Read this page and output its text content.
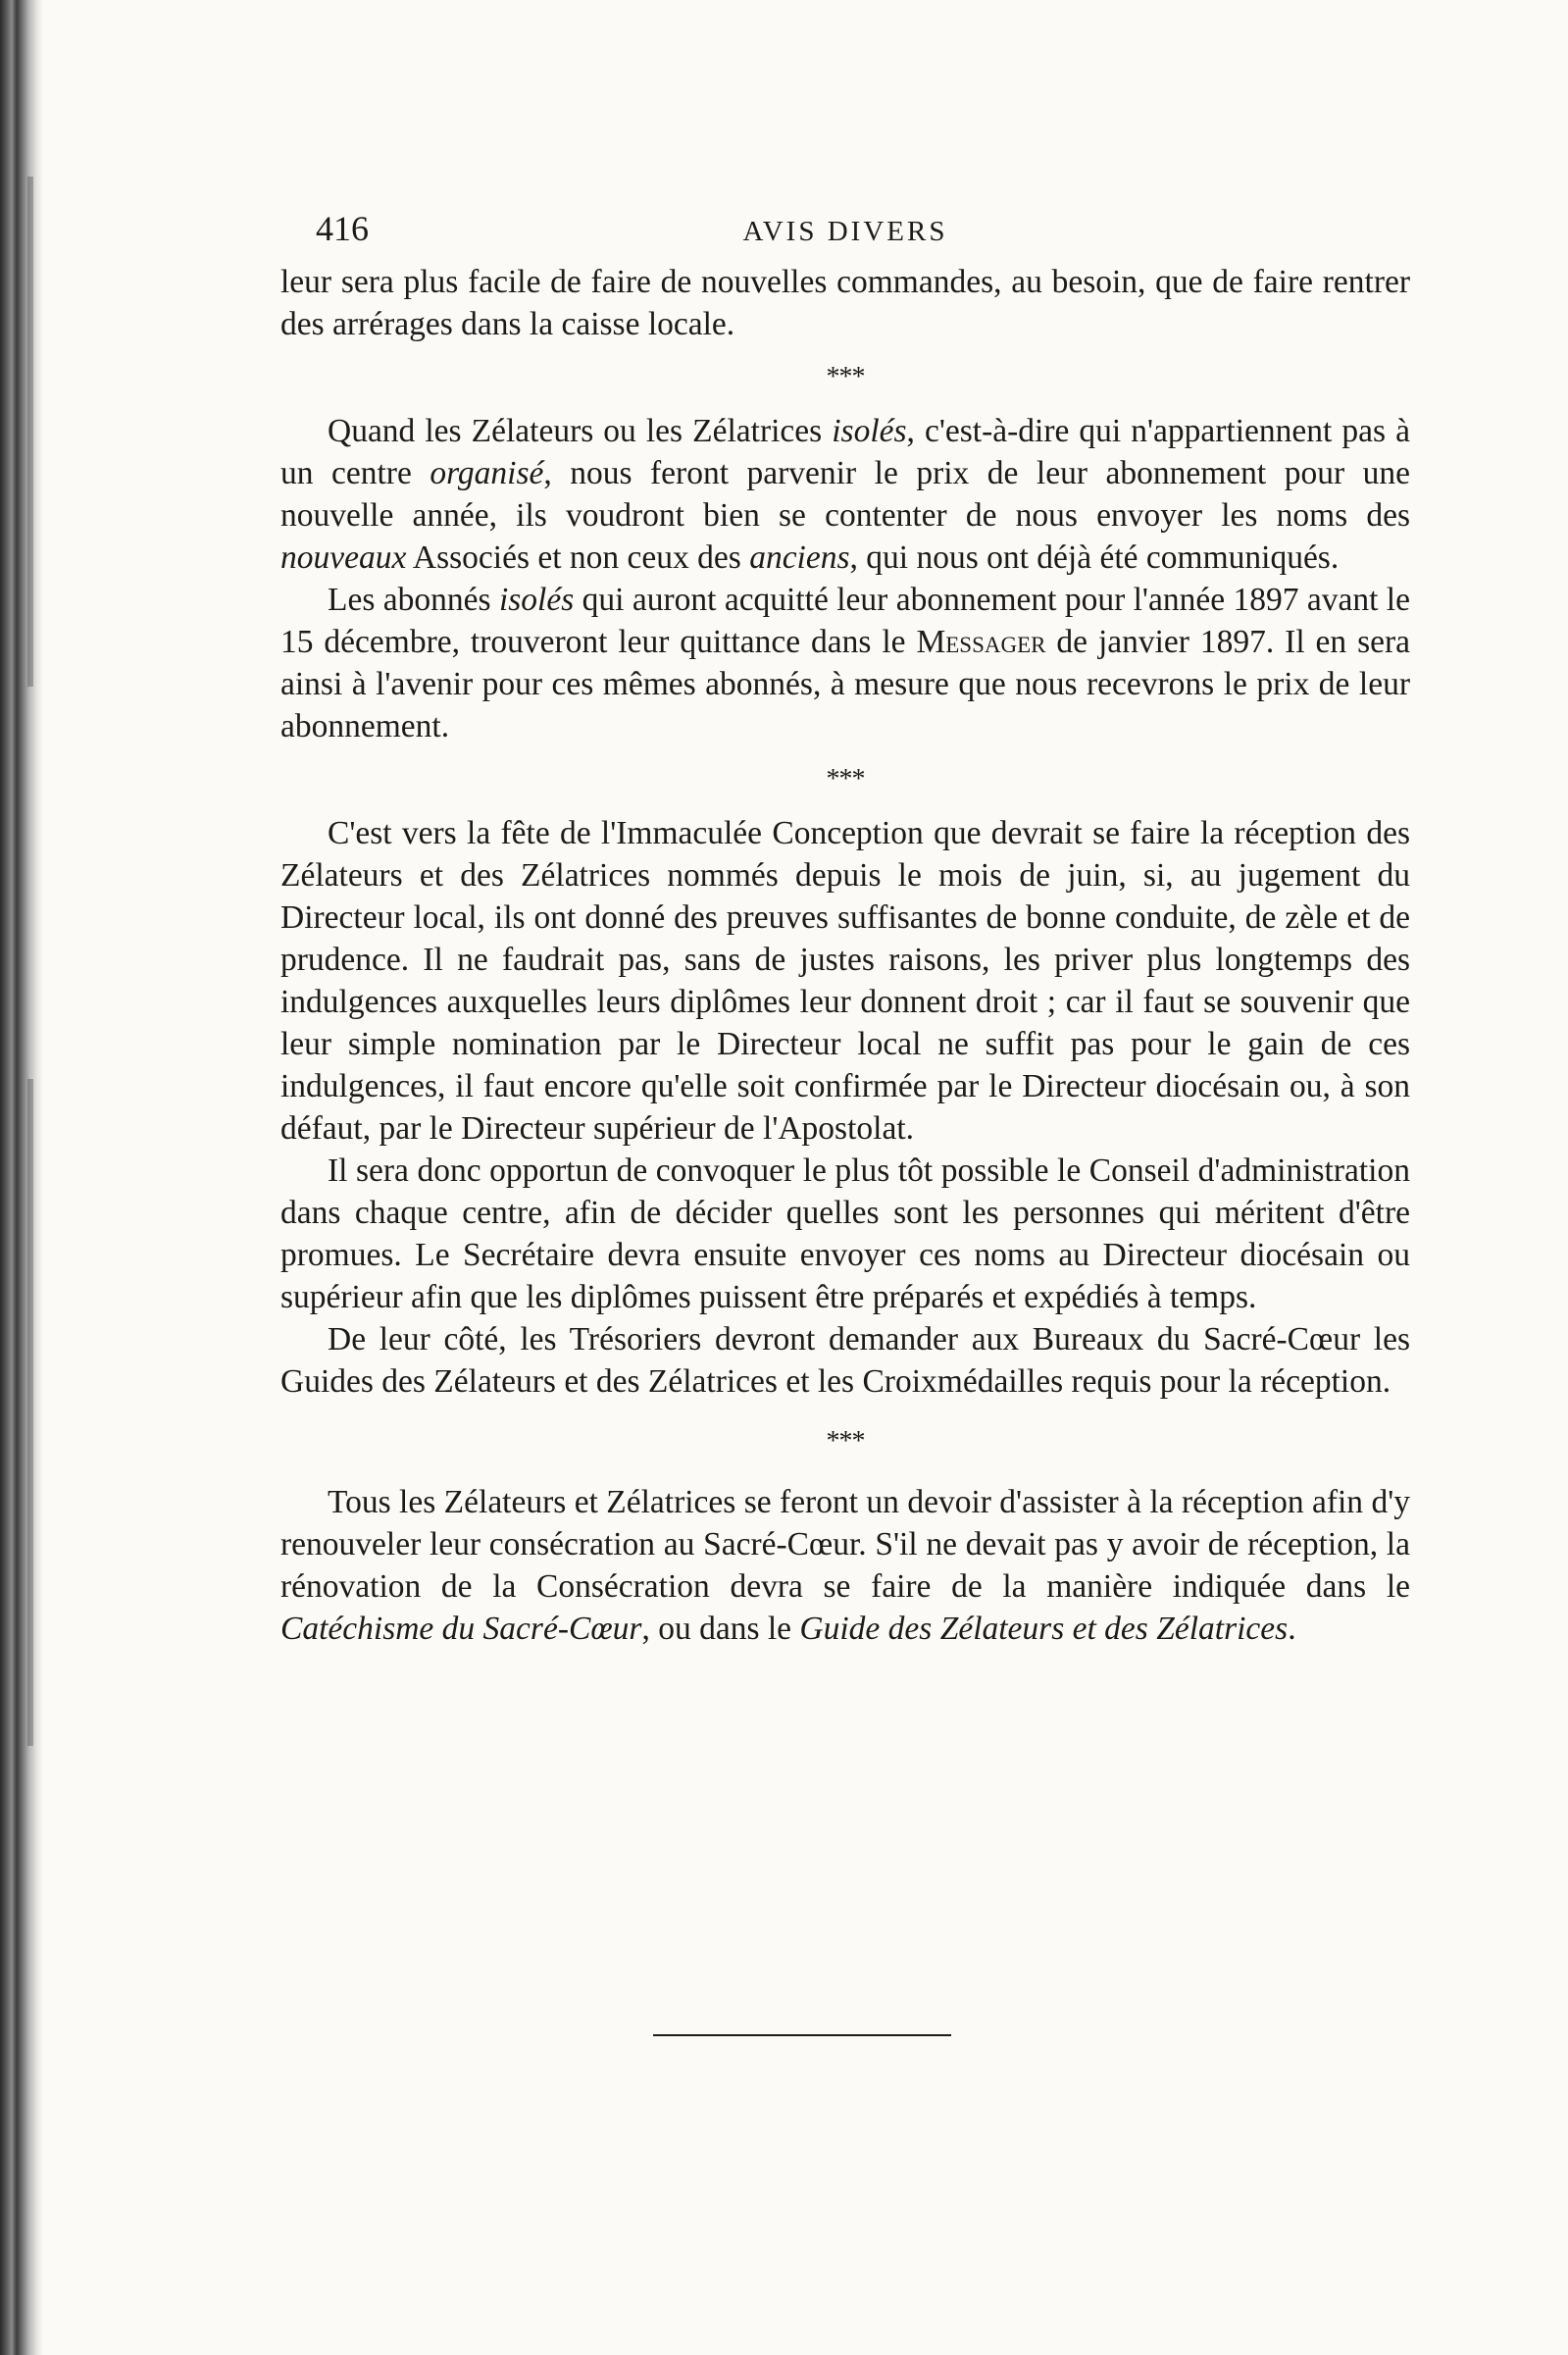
416	AVIS DIVERS

leur sera plus facile de faire de nouvelles commandes, au besoin, que de faire rentrer des arrérages dans la caisse locale.

***

Quand les Zélateurs ou les Zélatrices isolés, c'est-à-dire qui n'appartiennent pas à un centre organisé, nous feront parvenir le prix de leur abonnement pour une nouvelle année, ils voudront bien se contenter de nous envoyer les noms des nouveaux Associés et non ceux des anciens, qui nous ont déjà été communiqués.

Les abonnés isolés qui auront acquitté leur abonnement pour l'année 1897 avant le 15 décembre, trouveront leur quittance dans le Messager de janvier 1897. Il en sera ainsi à l'avenir pour ces mêmes abonnés, à mesure que nous recevrons le prix de leur abonnement.

***

C'est vers la fête de l'Immaculée Conception que devrait se faire la réception des Zélateurs et des Zélatrices nommés depuis le mois de juin, si, au jugement du Directeur local, ils ont donné des preuves suffisantes de bonne conduite, de zèle et de prudence. Il ne faudrait pas, sans de justes raisons, les priver plus longtemps des indulgences auxquelles leurs diplômes leur donnent droit ; car il faut se souvenir que leur simple nomination par le Directeur local ne suffit pas pour le gain de ces indulgences, il faut encore qu'elle soit confirmée par le Directeur diocésain ou, à son défaut, par le Directeur supérieur de l'Apostolat.

Il sera donc opportun de convoquer le plus tôt possible le Conseil d'administration dans chaque centre, afin de décider quelles sont les personnes qui méritent d'être promues. Le Secrétaire devra ensuite envoyer ces noms au Directeur diocésain ou supérieur afin que les diplômes puissent être préparés et expédiés à temps.

De leur côté, les Trésoriers devront demander aux Bureaux du Sacré-Cœur les Guides des Zélateurs et des Zélatrices et les Croixmédailles requis pour la réception.

***

Tous les Zélateurs et Zélatrices se feront un devoir d'assister à la réception afin d'y renouveler leur consécration au Sacré-Cœur. S'il ne devait pas y avoir de réception, la rénovation de la Consécration devra se faire de la manière indiquée dans le Catéchisme du Sacré-Cœur, ou dans le Guide des Zélateurs et des Zélatrices.
